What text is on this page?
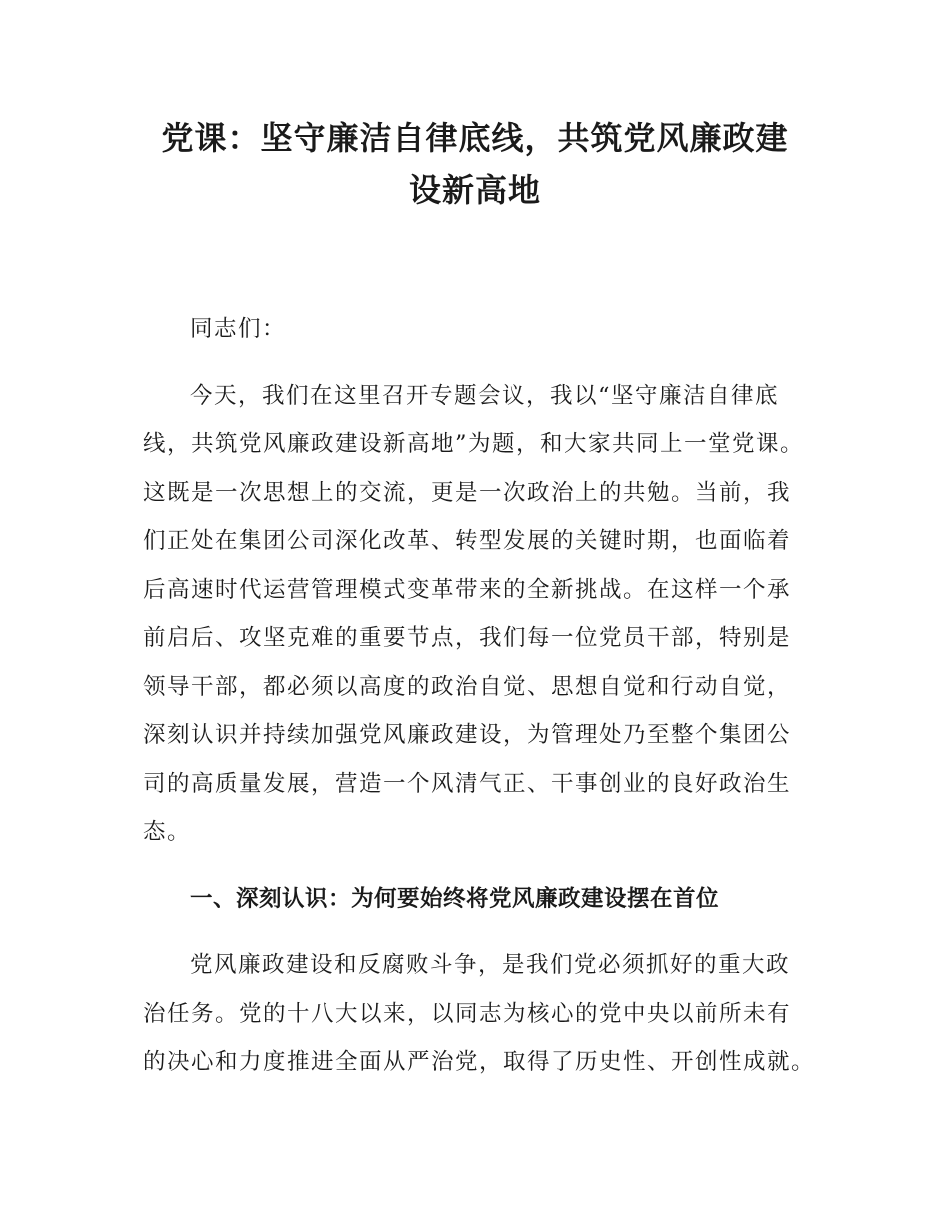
党课：坚守廉洁自律底线，共筑党风廉政建
设新高地
同志们：
今天，我们在这里召开专题会议，我以“坚守廉洁自律底
线，共筑党风廉政建设新高地”为题，和大家共同上一堂党课。
这既是一次思想上的交流，更是一次政治上的共勉。当前，我
们正处在集团公司深化改革、转型发展的关键时期，也面临着
后高速时代运营管理模式变革带来的全新挑战。在这样一个承
前启后、攻坚克难的重要节点，我们每一位党员干部，特别是
领导干部，都必须以高度的政治自觉、思想自觉和行动自觉，
深刻认识并持续加强党风廉政建设，为管理处乃至整个集团公
司的高质量发展，营造一个风清气正、干事创业的良好政治生
态。
一、深刻认识：为何要始终将党风廉政建设摆在首位
党风廉政建设和反腐败斗争，是我们党必须抓好的重大政
治任务。党的十八大以来，以同志为核心的党中央以前所未有
的决心和力度推进全面从严治党，取得了历史性、开创性成就。
